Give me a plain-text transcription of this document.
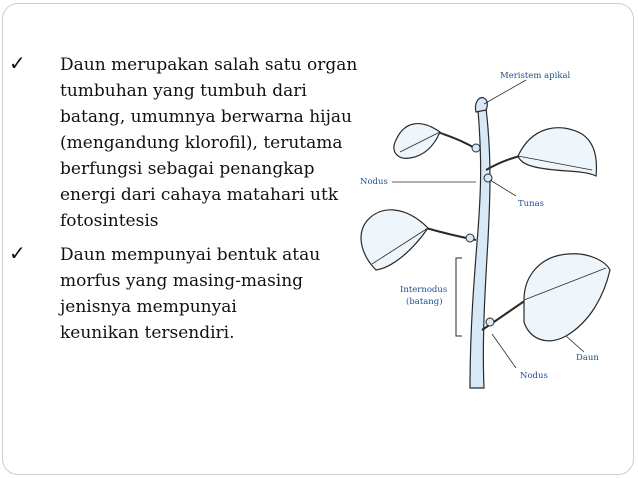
✓ Daun merupakan salah satu organ
tumbuhan yang tumbuh dari
batang, umumnya berwarna hijau
(mengandung klorofil), terutama
berfungsi sebagai penangkap
energi dari cahaya matahari utk
fotosintesis
✓ Daun mempunyai bentuk atau
morfus yang masing-masing
jenisnya mempunyai
keunikan tersendiri.
Meristem apikal
Nodus
Tunas
Internodus
(batang)
Daun
Nodus
